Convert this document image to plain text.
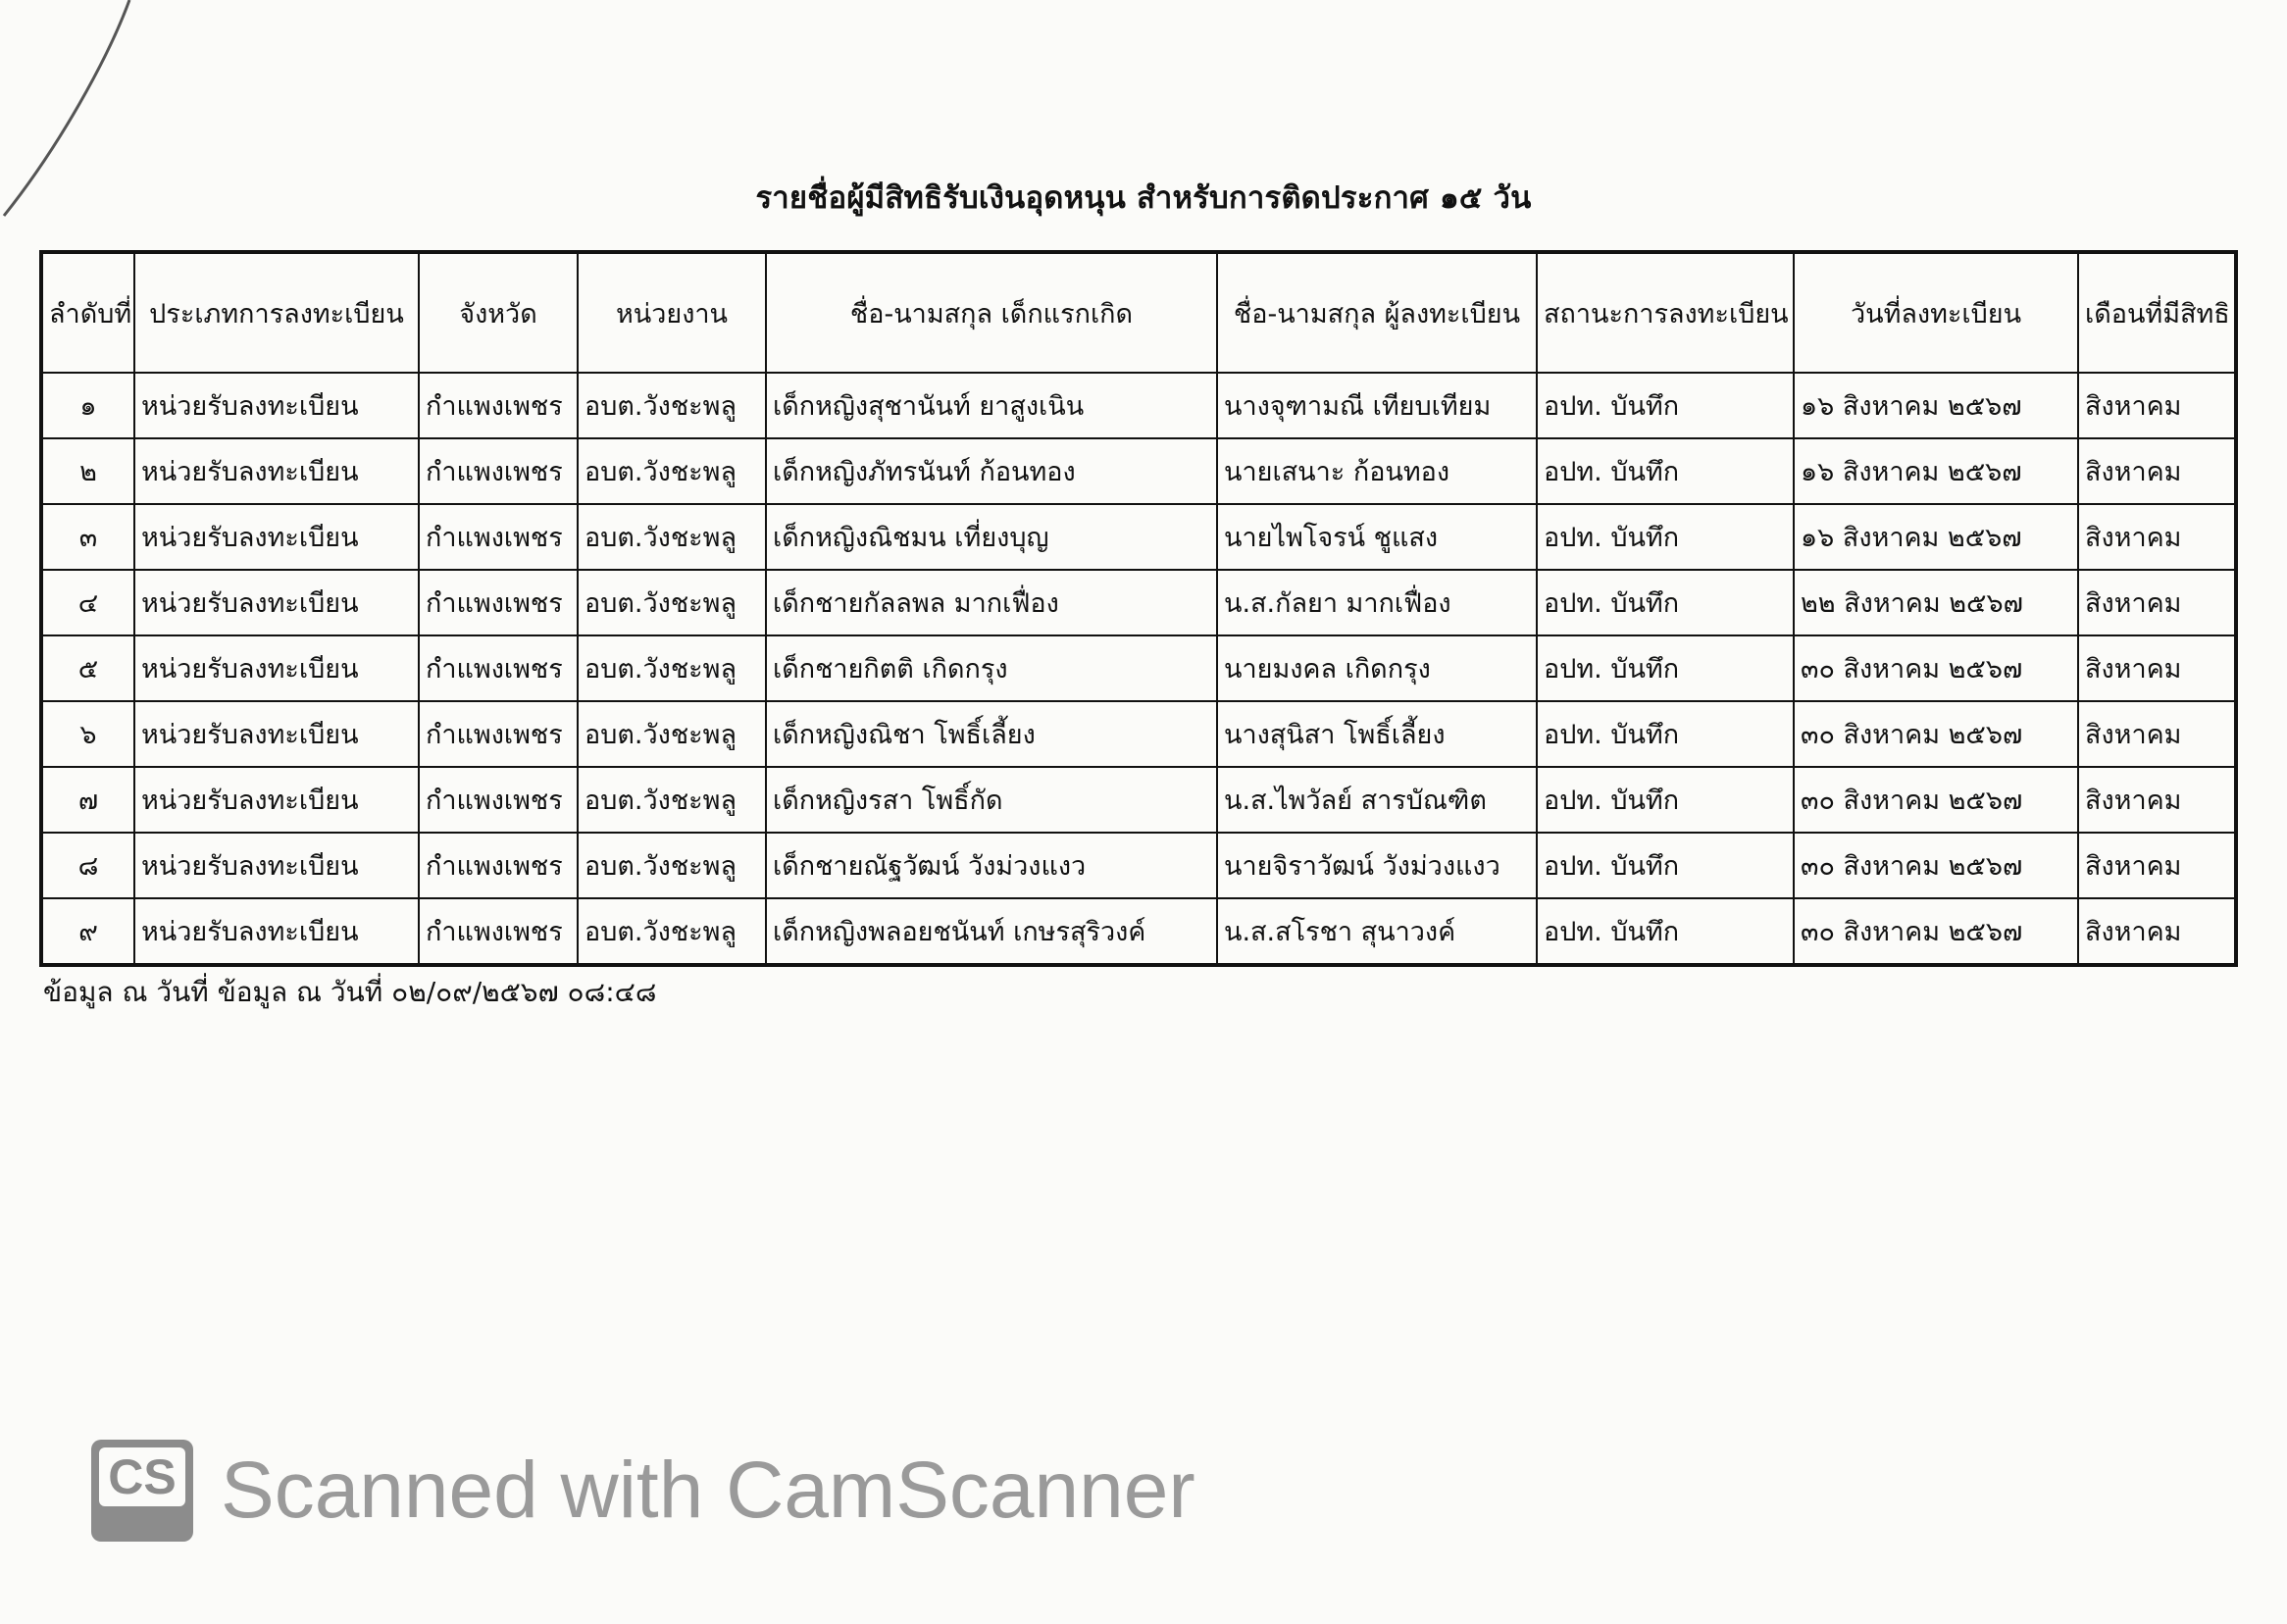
รายชื่อผู้มีสิทธิรับเงินอุดหนุน สำหรับการติดประกาศ ๑๕ วัน
ลำดับที่	ประเภทการลงทะเบียน	จังหวัด	หน่วยงาน	ชื่อ-นามสกุล เด็กแรกเกิด	ชื่อ-นามสกุล ผู้ลงทะเบียน	สถานะการลงทะเบียน	วันที่ลงทะเบียน	เดือนที่มีสิทธิ
๑	หน่วยรับลงทะเบียน	กำแพงเพชร	อบต.วังชะพลู	เด็กหญิงสุชานันท์ ยาสูงเนิน	นางจุฑามณี เทียบเทียม	อปท. บันทึก	๑๖ สิงหาคม ๒๕๖๗	สิงหาคม
๒	หน่วยรับลงทะเบียน	กำแพงเพชร	อบต.วังชะพลู	เด็กหญิงภัทรนันท์ ก้อนทอง	นายเสนาะ ก้อนทอง	อปท. บันทึก	๑๖ สิงหาคม ๒๕๖๗	สิงหาคม
๓	หน่วยรับลงทะเบียน	กำแพงเพชร	อบต.วังชะพลู	เด็กหญิงณิชมน เที่ยงบุญ	นายไพโจรน์ ชูแสง	อปท. บันทึก	๑๖ สิงหาคม ๒๕๖๗	สิงหาคม
๔	หน่วยรับลงทะเบียน	กำแพงเพชร	อบต.วังชะพลู	เด็กชายกัลลพล มากเฟื่อง	น.ส.กัลยา มากเฟื่อง	อปท. บันทึก	๒๒ สิงหาคม ๒๕๖๗	สิงหาคม
๕	หน่วยรับลงทะเบียน	กำแพงเพชร	อบต.วังชะพลู	เด็กชายกิตติ เกิดกรุง	นายมงคล เกิดกรุง	อปท. บันทึก	๓๐ สิงหาคม ๒๕๖๗	สิงหาคม
๖	หน่วยรับลงทะเบียน	กำแพงเพชร	อบต.วังชะพลู	เด็กหญิงณิชา โพธิ์เลี้ยง	นางสุนิสา โพธิ์เลี้ยง	อปท. บันทึก	๓๐ สิงหาคม ๒๕๖๗	สิงหาคม
๗	หน่วยรับลงทะเบียน	กำแพงเพชร	อบต.วังชะพลู	เด็กหญิงรสา โพธิ์กัด	น.ส.ไพวัลย์ สารบัณฑิต	อปท. บันทึก	๓๐ สิงหาคม ๒๕๖๗	สิงหาคม
๘	หน่วยรับลงทะเบียน	กำแพงเพชร	อบต.วังชะพลู	เด็กชายณัฐวัฒน์ วังม่วงแงว	นายจิราวัฒน์ วังม่วงแงว	อปท. บันทึก	๓๐ สิงหาคม ๒๕๖๗	สิงหาคม
๙	หน่วยรับลงทะเบียน	กำแพงเพชร	อบต.วังชะพลู	เด็กหญิงพลอยชนันท์ เกษรสุริวงค์	น.ส.สโรชา สุนาวงค์	อปท. บันทึก	๓๐ สิงหาคม ๒๕๖๗	สิงหาคม
ข้อมูล ณ วันที่ ข้อมูล ณ วันที่ ๐๒/๐๙/๒๕๖๗ ๐๘:๔๘
CS Scanned with CamScanner
